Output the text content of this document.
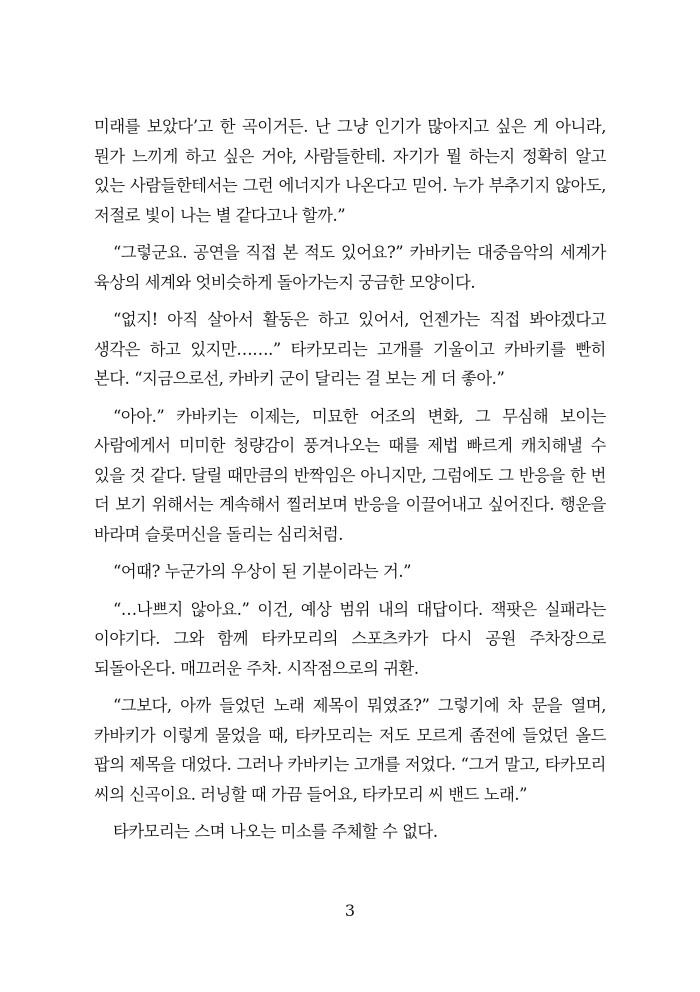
미래를 보았다’고 한 곡이거든. 난 그냥 인기가 많아지고 싶은 게 아니라, 뭔가 느끼게 하고 싶은 거야, 사람들한테. 자기가 뭘 하는지 정확히 알고 있는 사람들한테서는 그런 에너지가 나온다고 믿어. 누가 부추기지 않아도, 저절로 빛이 나는 별 같다고나 할까.”

“그렇군요. 공연을 직접 본 적도 있어요?” 카바키는 대중음악의 세계가 육상의 세계와 엇비슷하게 돌아가는지 궁금한 모양이다.

“없지! 아직 살아서 활동은 하고 있어서, 언젠가는 직접 봐야겠다고 생각은 하고 있지만…….” 타카모리는 고개를 기울이고 카바키를 빤히 본다. “지금으로선, 카바키 군이 달리는 걸 보는 게 더 좋아.”

“아아.” 카바키는 이제는, 미묘한 어조의 변화, 그 무심해 보이는 사람에게서 미미한 청량감이 풍겨나오는 때를 제법 빠르게 캐치해낼 수 있을 것 같다. 달릴 때만큼의 반짝임은 아니지만, 그럼에도 그 반응을 한 번 더 보기 위해서는 계속해서 찔러보며 반응을 이끌어내고 싶어진다. 행운을 바라며 슬롯머신을 돌리는 심리처럼.

“어때? 누군가의 우상이 된 기분이라는 거.”

“…나쁘지 않아요.” 이건, 예상 범위 내의 대답이다. 잭팟은 실패라는 이야기다. 그와 함께 타카모리의 스포츠카가 다시 공원 주차장으로 되돌아온다. 매끄러운 주차. 시작점으로의 귀환.

“그보다, 아까 들었던 노래 제목이 뭐였죠?” 그렇기에 차 문을 열며, 카바키가 이렇게 물었을 때, 타카모리는 저도 모르게 좀전에 들었던 올드 팝의 제목을 대었다. 그러나 카바키는 고개를 저었다. “그거 말고, 타카모리 씨의 신곡이요. 러닝할 때 가끔 들어요, 타카모리 씨 밴드 노래.”

타카모리는 스며 나오는 미소를 주체할 수 없다.

3
